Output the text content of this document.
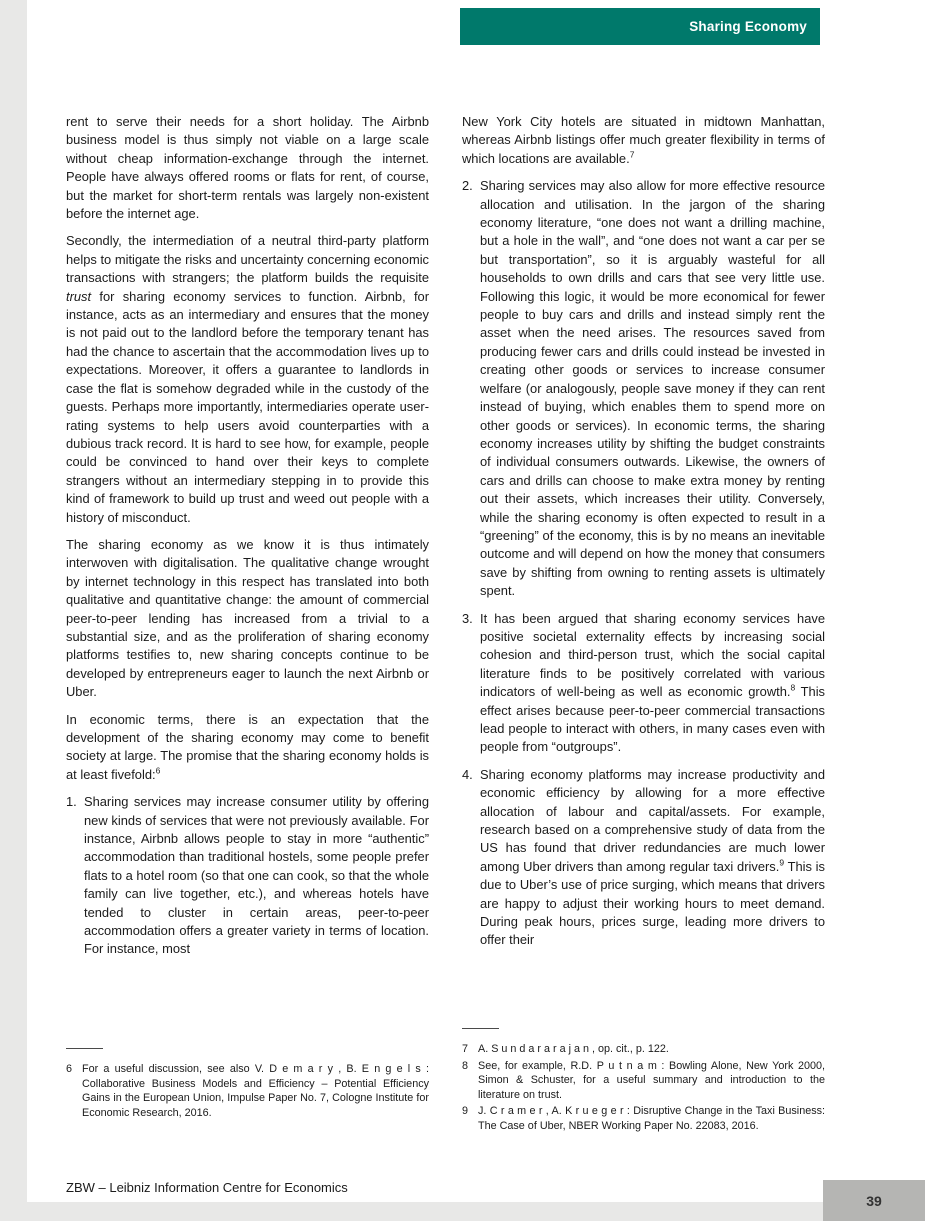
Sharing Economy

rent to serve their needs for a short holiday. The Airbnb business model is thus simply not viable on a large scale without cheap information-exchange through the internet. People have always offered rooms or flats for rent, of course, but the market for short-term rentals was largely non-existent before the internet age.

Secondly, the intermediation of a neutral third-party platform helps to mitigate the risks and uncertainty concerning economic transactions with strangers; the platform builds the requisite trust for sharing economy services to function. Airbnb, for instance, acts as an intermediary and ensures that the money is not paid out to the landlord before the temporary tenant has had the chance to ascertain that the accommodation lives up to expectations. Moreover, it offers a guarantee to landlords in case the flat is somehow degraded while in the custody of the guests. Perhaps more importantly, intermediaries operate user-rating systems to help users avoid counterparties with a dubious track record. It is hard to see how, for example, people could be convinced to hand over their keys to complete strangers without an intermediary stepping in to provide this kind of framework to build up trust and weed out people with a history of misconduct.

The sharing economy as we know it is thus intimately interwoven with digitalisation. The qualitative change wrought by internet technology in this respect has translated into both qualitative and quantitative change: the amount of commercial peer-to-peer lending has increased from a trivial to a substantial size, and as the proliferation of sharing economy platforms testifies to, new sharing concepts continue to be developed by entrepreneurs eager to launch the next Airbnb or Uber.

In economic terms, there is an expectation that the development of the sharing economy may come to benefit society at large. The promise that the sharing economy holds is at least fivefold:$^6$

1. Sharing services may increase consumer utility by offering new kinds of services that were not previously available. For instance, Airbnb allows people to stay in more “authentic” accommodation than traditional hostels, some people prefer flats to a hotel room (so that one can cook, so that the whole family can live together, etc.), and whereas hotels have tended to cluster in certain areas, peer-to-peer accommodation offers a greater variety in terms of location. For instance, most

New York City hotels are situated in midtown Manhattan, whereas Airbnb listings offer much greater flexibility in terms of which locations are available.$^7$

2. Sharing services may also allow for more effective resource allocation and utilisation. In the jargon of the sharing economy literature, “one does not want a drilling machine, but a hole in the wall”, and “one does not want a car per se but transportation”, so it is arguably wasteful for all households to own drills and cars that see very little use. Following this logic, it would be more economical for fewer people to buy cars and drills and instead simply rent the asset when the need arises. The resources saved from producing fewer cars and drills could instead be invested in creating other goods or services to increase consumer welfare (or analogously, people save money if they can rent instead of buying, which enables them to spend more on other goods or services). In economic terms, the sharing economy increases utility by shifting the budget constraints of individual consumers outwards. Likewise, the owners of cars and drills can choose to make extra money by renting out their assets, which increases their utility. Conversely, while the sharing economy is often expected to result in a “greening” of the economy, this is by no means an inevitable outcome and will depend on how the money that consumers save by shifting from owning to renting assets is ultimately spent.
3. It has been argued that sharing economy services have positive societal externality effects by increasing social cohesion and third-person trust, which the social capital literature finds to be positively correlated with various indicators of well-being as well as economic growth.$^8$ This effect arises because peer-to-peer commercial transactions lead people to interact with others, in many cases even with people from “outgroups”.
4. Sharing economy platforms may increase productivity and economic efficiency by allowing for a more effective allocation of labour and capital/assets. For example, research based on a comprehensive study of data from the US has found that driver redundancies are much lower among Uber drivers than among regular taxi drivers.$^9$ This is due to Uber’s use of price surging, which means that drivers are happy to adjust their working hours to meet demand. During peak hours, prices surge, leading more drivers to offer their
6 For a useful discussion, see also V. D e m a r y , B. E n g e l s : Collaborative Business Models and Efficiency – Potential Efficiency Gains in the European Union, Impulse Paper No. 7, Cologne Institute for Economic Research, 2016.
7 A. S u n d a r a r a j a n , op. cit., p. 122.
8 See, for example, R.D. P u t n a m : Bowling Alone, New York 2000, Simon & Schuster, for a useful summary and introduction to the literature on trust.
9 J. C r a m e r , A. K r u e g e r : Disruptive Change in the Taxi Business: The Case of Uber, NBER Working Paper No. 22083, 2016.
ZBW – Leibniz Information Centre for Economics
39
